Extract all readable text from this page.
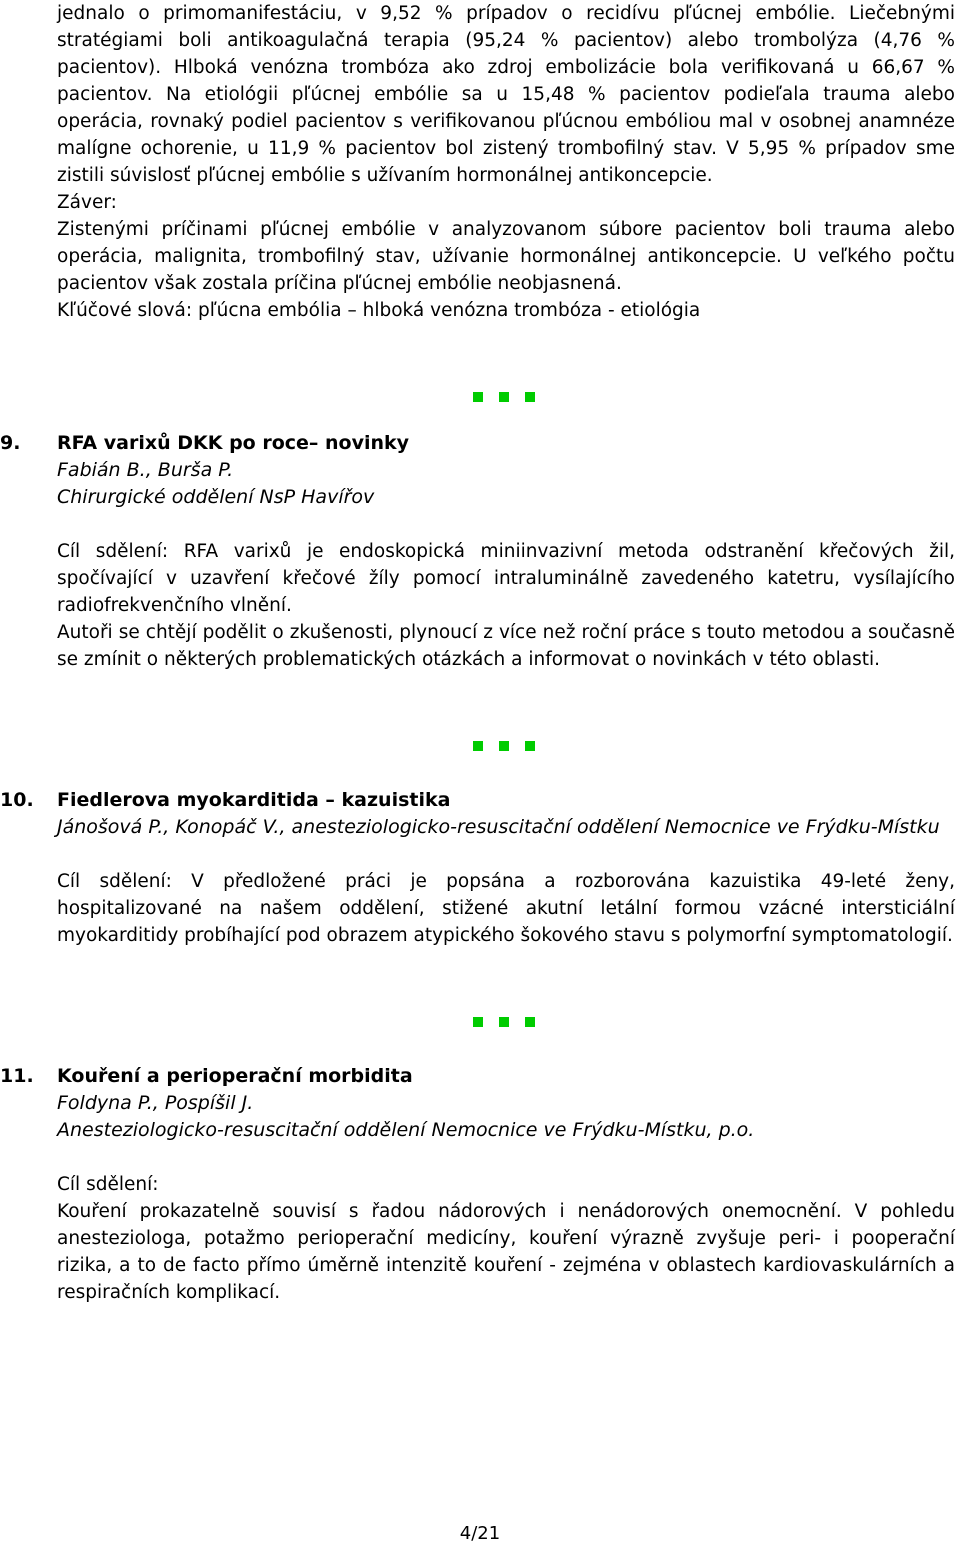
jednalo o primomanifestáciu, v 9,52 % prípadov o recidívu pľúcnej embólie. Liečebnými stratégiami boli antikoagulačná terapia (95,24 % pacientov) alebo trombolýza (4,76 % pacientov). Hlboká venózna trombóza ako zdroj embolizácie bola verifikovaná u 66,67 % pacientov. Na etiológii pľúcnej embólie sa u 15,48 % pacientov podieľala trauma alebo operácia, rovnaký podiel pacientov s verifikovanou pľúcnou embóliou mal v osobnej anamnéze malígne ochorenie, u 11,9 % pacientov bol zistený trombofilný stav. V 5,95 % prípadov sme zistili súvislosť pľúcnej embólie s užívaním hormonálnej antikoncepcie.

Záver:

Zistenými príčinami pľúcnej embólie v analyzovanom súbore pacientov boli trauma alebo operácia, malignita, trombofilný stav, užívanie hormonálnej antikoncepcie. U veľkého počtu pacientov však zostala príčina pľúcnej embólie neobjasnená.

Kľúčové slová: pľúcna embólia – hlboká venózna trombóza - etiológia

9. RFA varixů DKK po roce– novinky

Fabián B., Burša P.

Chirurgické oddělení NsP Havířov

Cíl sdělení: RFA varixů je endoskopická miniinvazivní metoda odstranění křečových žil, spočívající v uzavření křečové žíly pomocí intraluminálně zavedeného katetru, vysílajícího radiofrekvenčního vlnění.

Autoři se chtějí podělit o zkušenosti, plynoucí z více než roční práce s touto metodou a současně se zmínit o některých problematických otázkách a informovat o novinkách v této oblasti.

10. Fiedlerova myokarditida – kazuistika

Jánošová P., Konopáč V., anesteziologicko-resuscitační oddělení Nemocnice ve Frýdku-Místku

Cíl sdělení: V předložené práci je popsána a rozborována kazuistika 49-leté ženy, hospitalizované na našem oddělení, stižené akutní letální formou vzácné intersticiální myokarditidy probíhající pod obrazem atypického šokového stavu s polymorfní symptomatologií.

11. Kouření a perioperační morbidita

Foldyna P., Pospíšil J.

Anesteziologicko-resuscitační oddělení Nemocnice ve Frýdku-Místku, p.o.

Cíl sdělení:

Kouření prokazatelně souvisí s řadou nádorových i nenádorových onemocnění. V pohledu anesteziologa, potažmo perioperační medicíny, kouření výrazně zvyšuje peri- i pooperační rizika, a to de facto přímo úměrně intenzitě kouření - zejména v oblastech kardiovaskulárních a respiračních komplikací.

4/21
